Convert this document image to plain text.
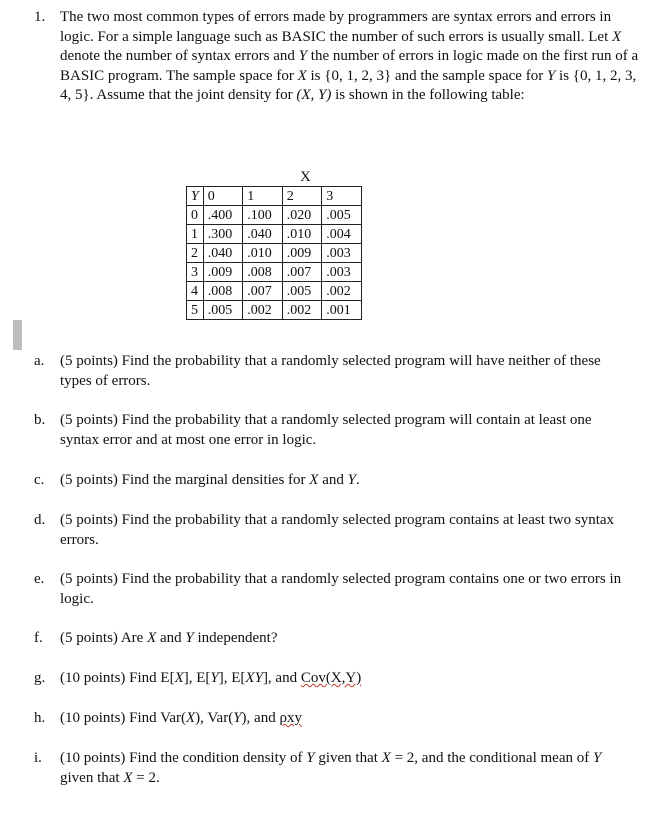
1. The two most common types of errors made by programmers are syntax errors and errors in logic. For a simple language such as BASIC the number of such errors is usually small. Let X denote the number of syntax errors and Y the number of errors in logic made on the first run of a BASIC program. The sample space for X is {0, 1, 2, 3} and the sample space for Y is {0, 1, 2, 3, 4, 5}. Assume that the joint density for (X, Y) is shown in the following table:
X
Y	0	1	2	3
0	.400	.100	.020	.005
1	.300	.040	.010	.004
2	.040	.010	.009	.003
3	.009	.008	.007	.003
4	.008	.007	.005	.002
5	.005	.002	.002	.001
a.	(5 points) Find the probability that a randomly selected program will have neither of these types of errors.
b. (5 points) Find the probability that a randomly selected program will contain at least one syntax error and at most one error in logic.
c.	(5 points) Find the marginal densities for X and Y.
d. (5 points) Find the probability that a randomly selected program contains at least two syntax errors.
e.	(5 points) Find the probability that a randomly selected program contains one or two errors in logic.
f.	(5 points) Are X and Y independent?
g. (10 points) Find E[X], E[Y], E[XY], and Cov(X,Y)
h. (10 points) Find Var(X), Var(Y), and ρxy
i.	(10 points) Find the condition density of Y given that X = 2, and the conditional mean of Y given that X = 2.
